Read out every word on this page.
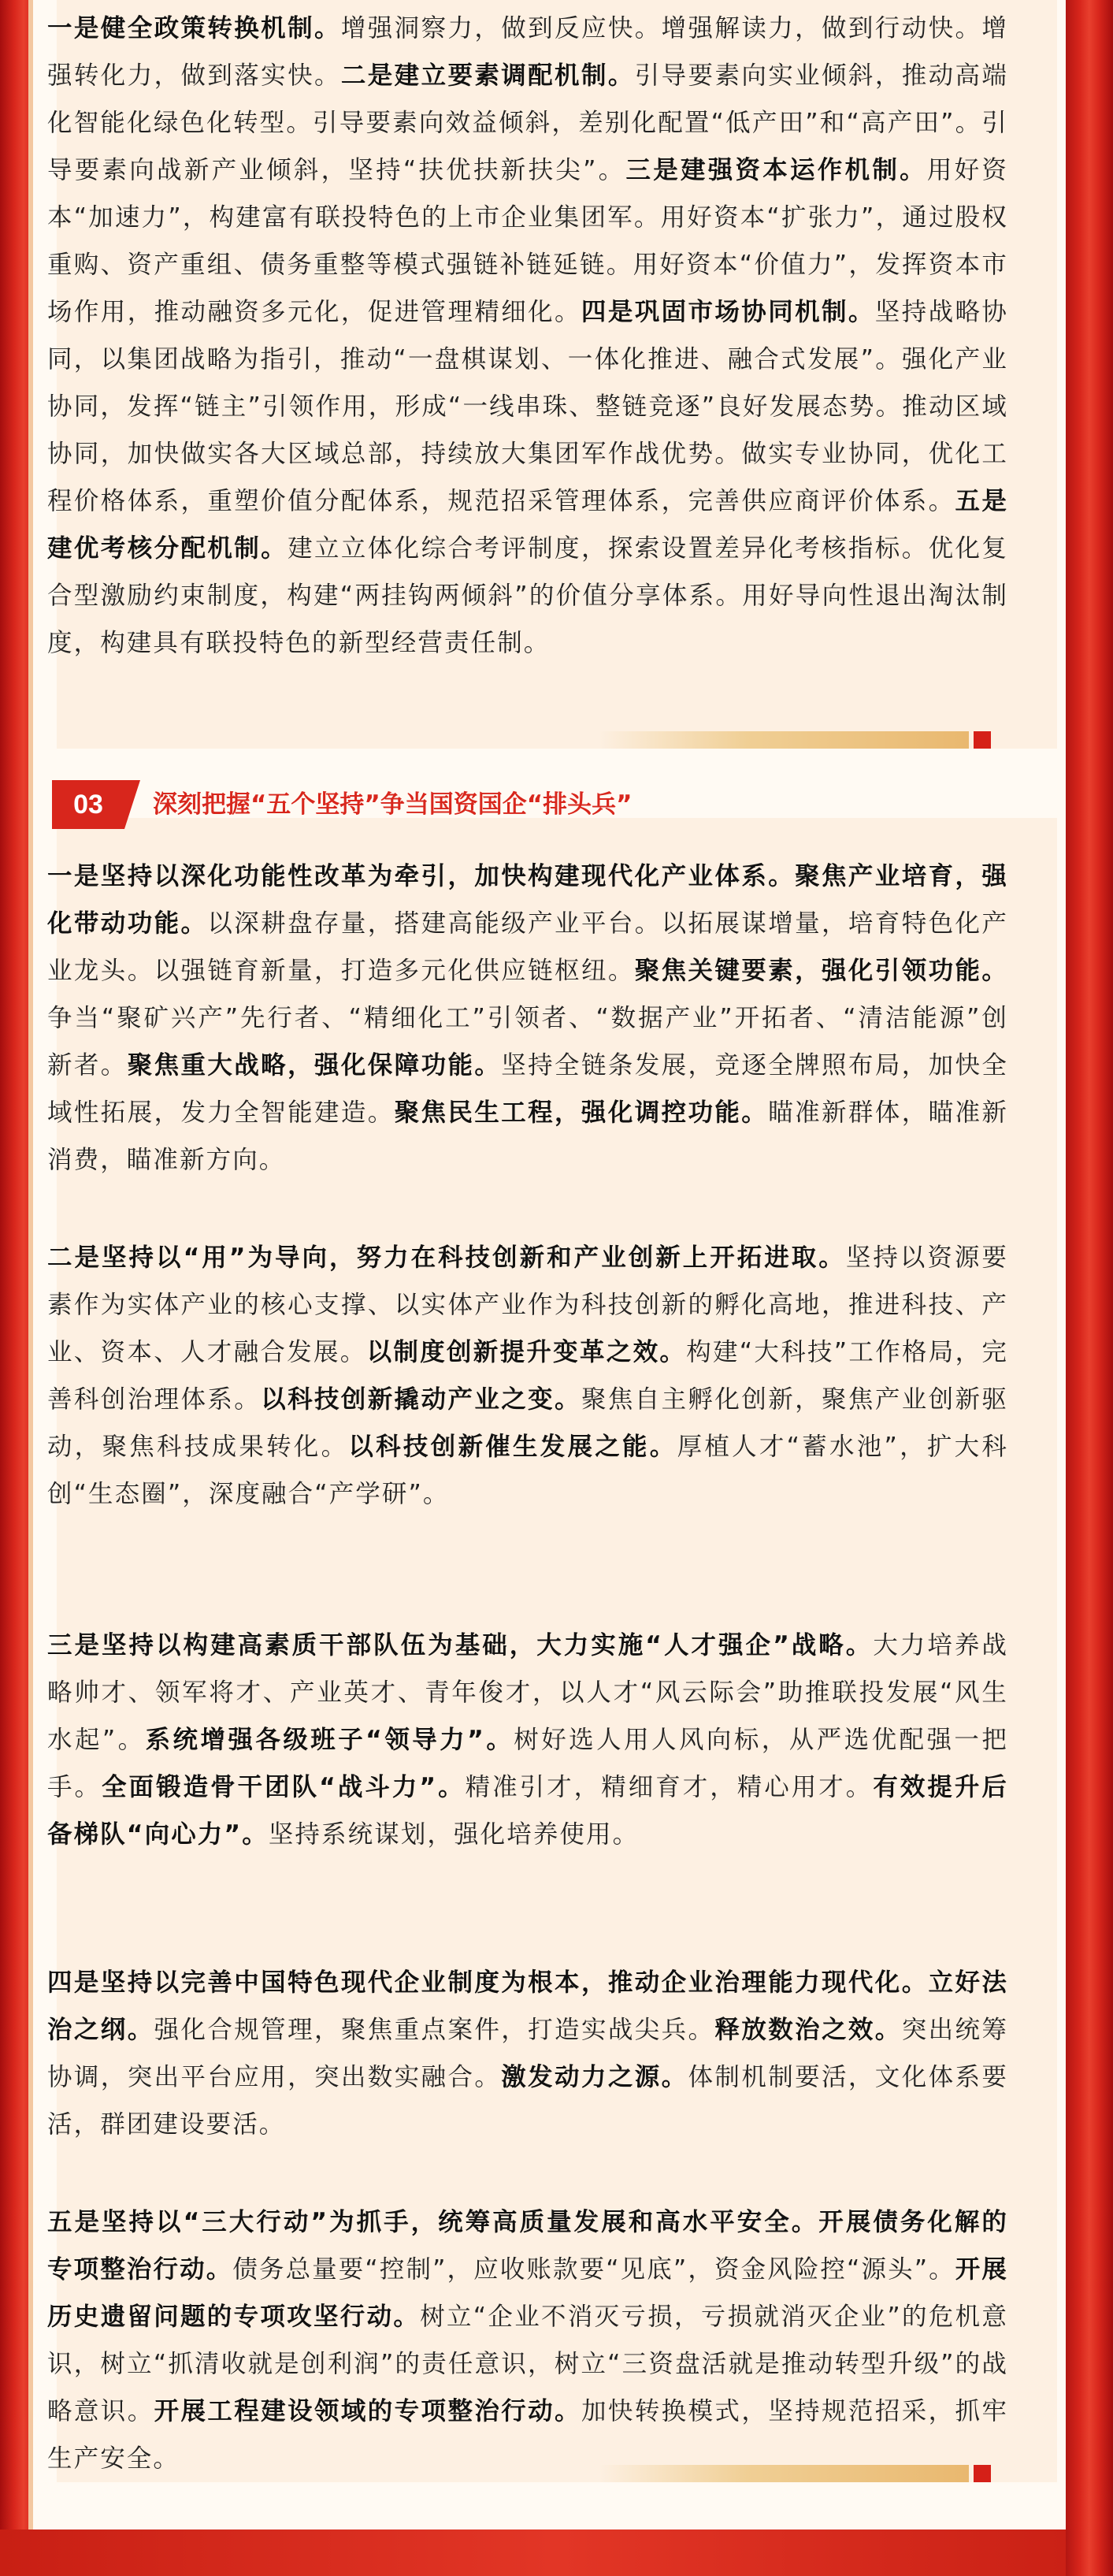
一是健全政策转换机制。增强洞察力，做到反应快。增强解读力，做到行动快。增强转化力，做到落实快。二是建立要素调配机制。引导要素向实业倾斜，推动高端化智能化绿色化转型。引导要素向效益倾斜，差别化配置“低产田”和“高产田”。引导要素向战新产业倾斜，坚持“扶优扶新扶尖”。三是建强资本运作机制。用好资本“加速力”，构建富有联投特色的上市企业集团军。用好资本“扩张力”，通过股权重购、资产重组、债务重整等模式强链补链延链。用好资本“价值力”，发挥资本市场作用，推动融资多元化，促进管理精细化。四是巩固市场协同机制。坚持战略协同，以集团战略为指引，推动“一盘棋谋划、一体化推进、融合式发展”。强化产业协同，发挥“链主”引领作用，形成“一线串珠、整链竞逐”良好发展态势。推动区域协同，加快做实各大区域总部，持续放大集团军作战优势。做实专业协同，优化工程价格体系，重塑价值分配体系，规范招采管理体系，完善供应商评价体系。五是建优考核分配机制。建立立体化综合考评制度，探索设置差异化考核指标。优化复合型激励约束制度，构建“两挂钩两倾斜”的价值分享体系。用好导向性退出淘汰制度，构建具有联投特色的新型经营责任制。

03	深刻把握“五个坚持”争当国资国企“排头兵”

一是坚持以深化功能性改革为牵引，加快构建现代化产业体系。聚焦产业培育，强化带动功能。以深耕盘存量，搭建高能级产业平台。以拓展谋增量，培育特色化产业龙头。以强链育新量，打造多元化供应链枢纽。聚焦关键要素，强化引领功能。争当“聚矿兴产”先行者、“精细化工”引领者、“数据产业”开拓者、“清洁能源”创新者。聚焦重大战略，强化保障功能。坚持全链条发展，竞逐全牌照布局，加快全域性拓展，发力全智能建造。聚焦民生工程，强化调控功能。瞄准新群体，瞄准新消费，瞄准新方向。

二是坚持以“用”为导向，努力在科技创新和产业创新上开拓进取。坚持以资源要素作为实体产业的核心支撑、以实体产业作为科技创新的孵化高地，推进科技、产业、资本、人才融合发展。以制度创新提升变革之效。构建“大科技”工作格局，完善科创治理体系。以科技创新撬动产业之变。聚焦自主孵化创新，聚焦产业创新驱动，聚焦科技成果转化。以科技创新催生发展之能。厚植人才“蓄水池”，扩大科创“生态圈”，深度融合“产学研”。

三是坚持以构建高素质干部队伍为基础，大力实施“人才强企”战略。大力培养战略帅才、领军将才、产业英才、青年俊才，以人才“风云际会”助推联投发展“风生水起”。系统增强各级班子“领导力”。树好选人用人风向标，从严选优配强一把手。全面锻造骨干团队“战斗力”。精准引才，精细育才，精心用才。有效提升后备梯队“向心力”。坚持系统谋划，强化培养使用。

四是坚持以完善中国特色现代企业制度为根本，推动企业治理能力现代化。立好法治之纲。强化合规管理，聚焦重点案件，打造实战尖兵。释放数治之效。突出统筹协调，突出平台应用，突出数实融合。激发动力之源。体制机制要活，文化体系要活，群团建设要活。

五是坚持以“三大行动”为抓手，统筹高质量发展和高水平安全。开展债务化解的专项整治行动。债务总量要“控制”，应收账款要“见底”，资金风险控“源头”。开展历史遗留问题的专项攻坚行动。树立“企业不消灭亏损，亏损就消灭企业”的危机意识，树立“抓清收就是创利润”的责任意识，树立“三资盘活就是推动转型升级”的战略意识。开展工程建设领域的专项整治行动。加快转换模式，坚持规范招采，抓牢生产安全。
